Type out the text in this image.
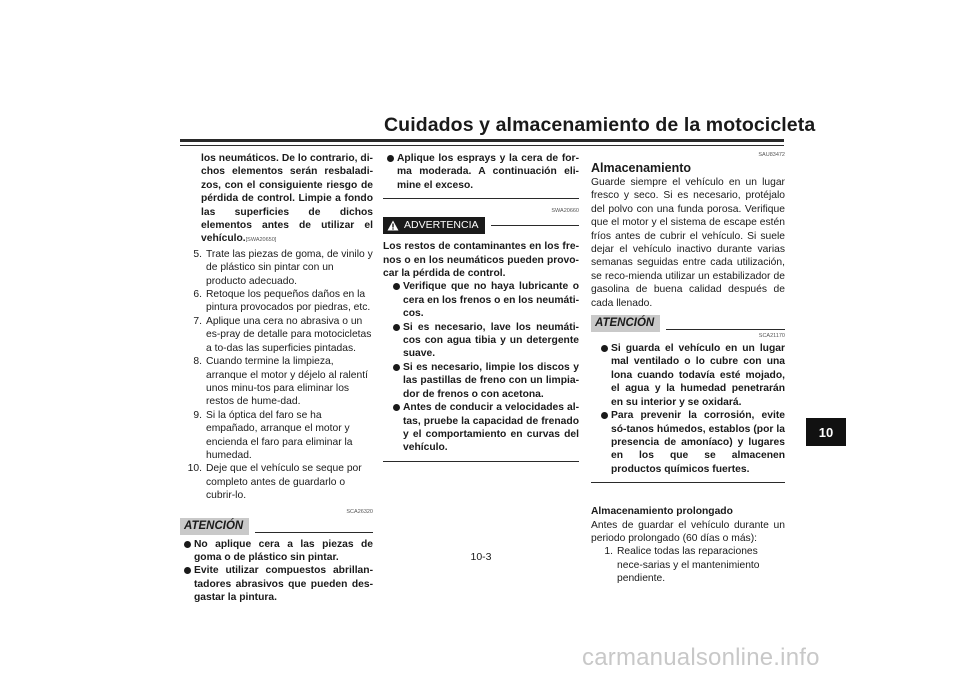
Cuidados y almacenamiento de la motocicleta
10

los neumáticos. De lo contrario, di-chos elementos serán resbaladi-zos, con el consiguiente riesgo de pérdida de control. Limpie a fondo las superficies de dichos elementos antes de utilizar el vehículo.[SWA20650]

5. Trate las piezas de goma, de vinilo y de plástico sin pintar con un producto adecuado.
6. Retoque los pequeños daños en la pintura provocados por piedras, etc.
7. Aplique una cera no abrasiva o un es-pray de detalle para motocicletas a to-das las superficies pintadas.
8. Cuando termine la limpieza, arranque el motor y déjelo al ralentí unos minu-tos para eliminar los restos de hume-dad.
9. Si la óptica del faro se ha empañado, arranque el motor y encienda el faro para eliminar la humedad.
10. Deje que el vehículo se seque por completo antes de guardarlo o cubrir-lo.
SCA26320
ATENCIÓN
No aplique cera a las piezas de goma o de plástico sin pintar.
Evite utilizar compuestos abrillan-tadores abrasivos que pueden des-gastar la pintura.
Aplique los esprays y la cera de for-ma moderada. A continuación eli-mine el exceso.
SWA20660
ADVERTENCIA

Los restos de contaminantes en los fre-nos o en los neumáticos pueden provo-car la pérdida de control.

Verifique que no haya lubricante o cera en los frenos o en los neumáti-cos.
Si es necesario, lave los neumáti-cos con agua tibia y un detergente suave.
Si es necesario, limpie los discos y las pastillas de freno con un limpia-dor de frenos o con acetona.
Antes de conducir a velocidades al-tas, pruebe la capacidad de frenado y el comportamiento en curvas del vehículo.
SAU83472
Almacenamiento

Guarde siempre el vehículo en un lugar fresco y seco. Si es necesario, protéjalo del polvo con una funda porosa. Verifique que el motor y el sistema de escape estén fríos antes de cubrir el vehículo. Si suele dejar el vehículo inactivo durante varias semanas seguidas entre cada utilización, se reco-mienda utilizar un estabilizador de gasolina de buena calidad después de cada llenado.

ATENCIÓN
SCA21170
Si guarda el vehículo en un lugar mal ventilado o lo cubre con una lona cuando todavía esté mojado, el agua y la humedad penetrarán en su interior y se oxidará.
Para prevenir la corrosión, evite só-tanos húmedos, establos (por la presencia de amoníaco) y lugares en los que se almacenen productos químicos fuertes.

Almacenamiento prolongado

Antes de guardar el vehículo durante un periodo prolongado (60 días o más):

1. Realice todas las reparaciones nece-sarias y el mantenimiento pendiente.
10-3
carmanualsonline.info
